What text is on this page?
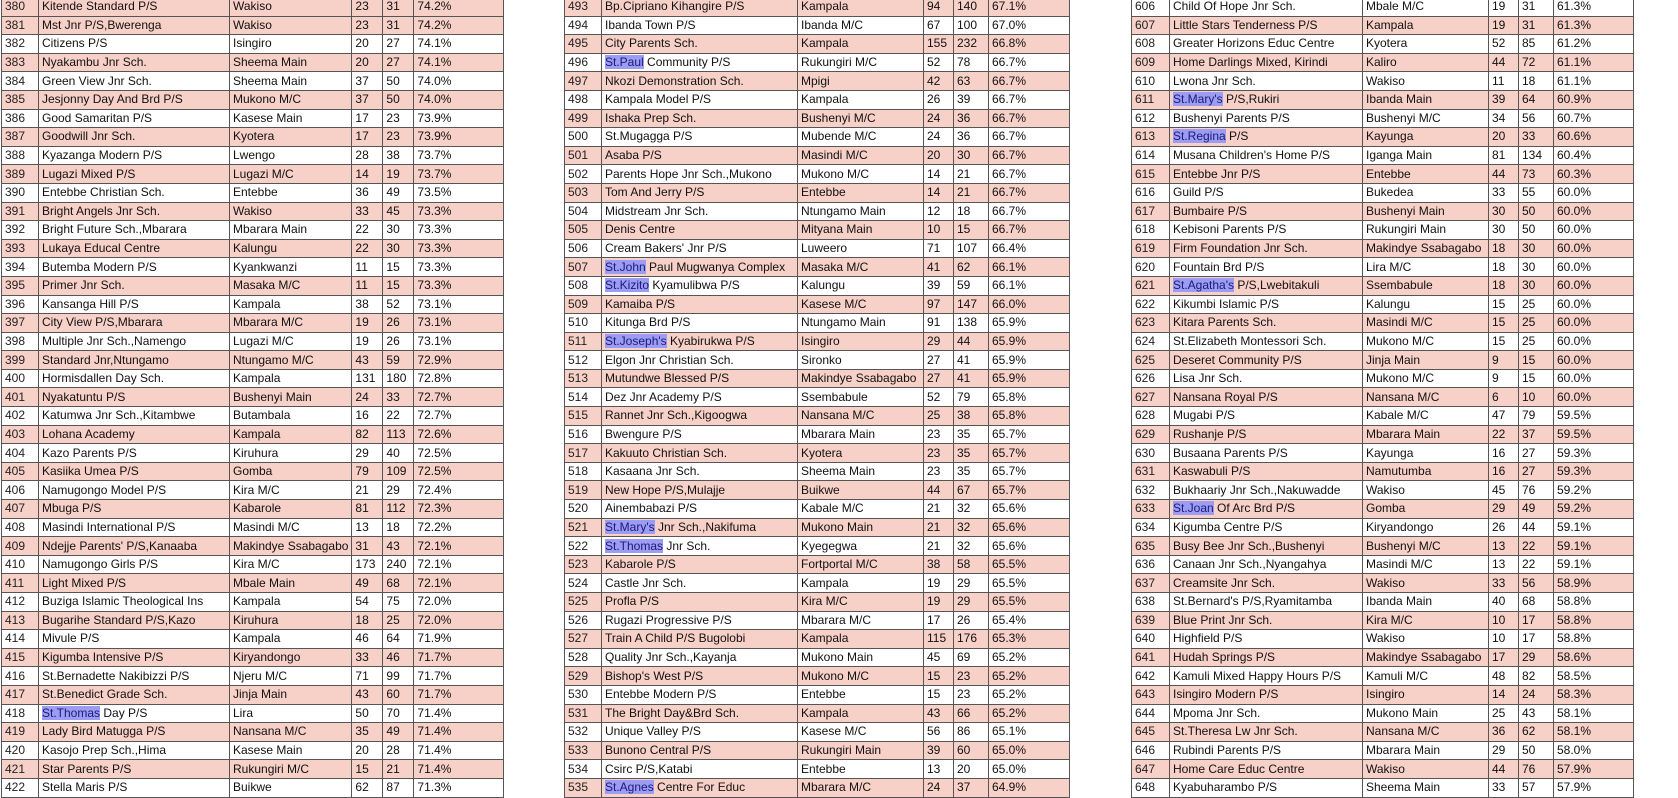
380	Kitende Standard P/S	Wakiso	23	31	74.2%
381	Mst Jnr P/S,Bwerenga	Wakiso	23	31	74.2%
382	Citizens P/S	Isingiro	20	27	74.1%
383	Nyakambu Jnr Sch.	Sheema Main	20	27	74.1%
384	Green View Jnr Sch.	Sheema Main	37	50	74.0%
385	Jesjonny Day And Brd P/S	Mukono M/C	37	50	74.0%
386	Good Samaritan P/S	Kasese Main	17	23	73.9%
387	Goodwill Jnr Sch.	Kyotera	17	23	73.9%
388	Kyazanga Modern P/S	Lwengo	28	38	73.7%
389	Lugazi Mixed P/S	Lugazi M/C	14	19	73.7%
390	Entebbe Christian Sch.	Entebbe	36	49	73.5%
391	Bright Angels Jnr Sch.	Wakiso	33	45	73.3%
392	Bright Future Sch.,Mbarara	Mbarara Main	22	30	73.3%
393	Lukaya Educal Centre	Kalungu	22	30	73.3%
394	Butemba Modern P/S	Kyankwanzi	11	15	73.3%
395	Primer Jnr Sch.	Masaka M/C	11	15	73.3%
396	Kansanga Hill P/S	Kampala	38	52	73.1%
397	City View P/S,Mbarara	Mbarara M/C	19	26	73.1%
398	Multiple Jnr Sch.,Namengo	Lugazi M/C	19	26	73.1%
399	Standard Jnr,Ntungamo	Ntungamo M/C	43	59	72.9%
400	Hormisdallen Day Sch.	Kampala	131	180	72.8%
401	Nyakatuntu P/S	Bushenyi Main	24	33	72.7%
402	Katumwa Jnr Sch.,Kitambwe	Butambala	16	22	72.7%
403	Lohana Academy	Kampala	82	113	72.6%
404	Kazo Parents P/S	Kiruhura	29	40	72.5%
405	Kasiika Umea P/S	Gomba	79	109	72.5%
406	Namugongo Model P/S	Kira M/C	21	29	72.4%
407	Mbuga P/S	Kabarole	81	112	72.3%
408	Masindi International P/S	Masindi M/C	13	18	72.2%
409	Ndejje Parents' P/S,Kanaaba	Makindye Ssabagabo	31	43	72.1%
410	Namugongo Girls P/S	Kira M/C	173	240	72.1%
411	Light Mixed P/S	Mbale Main	49	68	72.1%
412	Buziga Islamic Theological Ins	Kampala	54	75	72.0%
413	Bugarihe Standard P/S,Kazo	Kiruhura	18	25	72.0%
414	Mivule P/S	Kampala	46	64	71.9%
415	Kigumba Intensive P/S	Kiryandongo	33	46	71.7%
416	St.Bernadette Nakibizzi P/S	Njeru M/C	71	99	71.7%
417	St.Benedict Grade Sch.	Jinja Main	43	60	71.7%
418	St.Thomas Day P/S	Lira	50	70	71.4%
419	Lady Bird Matugga P/S	Nansana M/C	35	49	71.4%
420	Kasojo Prep Sch.,Hima	Kasese Main	20	28	71.4%
421	Star Parents P/S	Rukungiri M/C	15	21	71.4%
422	Stella Maris P/S	Buikwe	62	87	71.3%
493	Bp.Cipriano Kihangire P/S	Kampala	94	140	67.1%
494	Ibanda Town P/S	Ibanda M/C	67	100	67.0%
495	City Parents Sch.	Kampala	155	232	66.8%
496	St.Paul Community P/S	Rukungiri M/C	52	78	66.7%
497	Nkozi Demonstration Sch.	Mpigi	42	63	66.7%
498	Kampala Model P/S	Kampala	26	39	66.7%
499	Ishaka Prep Sch.	Bushenyi M/C	24	36	66.7%
500	St.Mugagga P/S	Mubende M/C	24	36	66.7%
501	Asaba P/S	Masindi M/C	20	30	66.7%
502	Parents Hope Jnr Sch.,Mukono	Mukono M/C	14	21	66.7%
503	Tom And Jerry P/S	Entebbe	14	21	66.7%
504	Midstream Jnr Sch.	Ntungamo Main	12	18	66.7%
505	Denis Centre	Mityana Main	10	15	66.7%
506	Cream Bakers' Jnr P/S	Luweero	71	107	66.4%
507	St.John Paul Mugwanya Complex	Masaka M/C	41	62	66.1%
508	St.Kizito Kyamulibwa P/S	Kalungu	39	59	66.1%
509	Kamaiba P/S	Kasese M/C	97	147	66.0%
510	Kitunga Brd P/S	Ntungamo Main	91	138	65.9%
511	St.Joseph's Kyabirukwa P/S	Isingiro	29	44	65.9%
512	Elgon Jnr Christian Sch.	Sironko	27	41	65.9%
513	Mutundwe Blessed P/S	Makindye Ssabagabo	27	41	65.9%
514	Dez Jnr Academy P/S	Ssembabule	52	79	65.8%
515	Rannet Jnr Sch.,Kigoogwa	Nansana M/C	25	38	65.8%
516	Bwengure P/S	Mbarara Main	23	35	65.7%
517	Kakuuto Christian Sch.	Kyotera	23	35	65.7%
518	Kasaana Jnr Sch.	Sheema Main	23	35	65.7%
519	New Hope P/S,Mulajje	Buikwe	44	67	65.7%
520	Ainembabazi P/S	Kabale M/C	21	32	65.6%
521	St.Mary's Jnr Sch.,Nakifuma	Mukono Main	21	32	65.6%
522	St.Thomas Jnr Sch.	Kyegegwa	21	32	65.6%
523	Kabarole P/S	Fortportal M/C	38	58	65.5%
524	Castle Jnr Sch.	Kampala	19	29	65.5%
525	Profla P/S	Kira M/C	19	29	65.5%
526	Rugazi Progressive P/S	Mbarara M/C	17	26	65.4%
527	Train A Child P/S Bugolobi	Kampala	115	176	65.3%
528	Quality Jnr Sch.,Kayanja	Mukono Main	45	69	65.2%
529	Bishop's West P/S	Mukono M/C	15	23	65.2%
530	Entebbe Modern P/S	Entebbe	15	23	65.2%
531	The Bright Day&Brd Sch.	Kampala	43	66	65.2%
532	Unique Valley P/S	Kasese M/C	56	86	65.1%
533	Bunono Central P/S	Rukungiri Main	39	60	65.0%
534	Csirc P/S,Katabi	Entebbe	13	20	65.0%
535	St.Agnes Centre For Educ	Mbarara M/C	24	37	64.9%
606	Child Of Hope Jnr Sch.	Mbale M/C	19	31	61.3%
607	Little Stars Tenderness P/S	Kampala	19	31	61.3%
608	Greater Horizons Educ Centre	Kyotera	52	85	61.2%
609	Home Darlings Mixed, Kirindi	Kaliro	44	72	61.1%
610	Lwona Jnr Sch.	Wakiso	11	18	61.1%
611	St.Mary's P/S,Rukiri	Ibanda Main	39	64	60.9%
612	Bushenyi Parents P/S	Bushenyi M/C	34	56	60.7%
613	St.Regina P/S	Kayunga	20	33	60.6%
614	Musana Children's Home P/S	Iganga Main	81	134	60.4%
615	Entebbe Jnr P/S	Entebbe	44	73	60.3%
616	Guild P/S	Bukedea	33	55	60.0%
617	Bumbaire P/S	Bushenyi Main	30	50	60.0%
618	Kebisoni Parents P/S	Rukungiri Main	30	50	60.0%
619	Firm Foundation Jnr Sch.	Makindye Ssabagabo	18	30	60.0%
620	Fountain Brd P/S	Lira M/C	18	30	60.0%
621	St.Agatha's P/S,Lwebitakuli	Ssembabule	18	30	60.0%
622	Kikumbi Islamic P/S	Kalungu	15	25	60.0%
623	Kitara Parents Sch.	Masindi M/C	15	25	60.0%
624	St.Elizabeth Montessori Sch.	Mukono M/C	15	25	60.0%
625	Deseret Community P/S	Jinja Main	9	15	60.0%
626	Lisa Jnr Sch.	Mukono M/C	9	15	60.0%
627	Nansana Royal P/S	Nansana M/C	6	10	60.0%
628	Mugabi P/S	Kabale M/C	47	79	59.5%
629	Rushanje P/S	Mbarara Main	22	37	59.5%
630	Busaana Parents P/S	Kayunga	16	27	59.3%
631	Kaswabuli P/S	Namutumba	16	27	59.3%
632	Bukhaariy Jnr Sch.,Nakuwadde	Wakiso	45	76	59.2%
633	St.Joan Of Arc Brd P/S	Gomba	29	49	59.2%
634	Kigumba Centre P/S	Kiryandongo	26	44	59.1%
635	Busy Bee Jnr Sch.,Bushenyi	Bushenyi M/C	13	22	59.1%
636	Canaan Jnr Sch.,Nyangahya	Masindi M/C	13	22	59.1%
637	Creamsite Jnr Sch.	Wakiso	33	56	58.9%
638	St.Bernard's P/S,Ryamitamba	Ibanda Main	40	68	58.8%
639	Blue Print Jnr Sch.	Kira M/C	10	17	58.8%
640	Highfield P/S	Wakiso	10	17	58.8%
641	Hudah Springs P/S	Makindye Ssabagabo	17	29	58.6%
642	Kamuli Mixed Happy Hours P/S	Kamuli M/C	48	82	58.5%
643	Isingiro Modern P/S	Isingiro	14	24	58.3%
644	Mpoma Jnr Sch.	Mukono Main	25	43	58.1%
645	St.Theresa Lw Jnr Sch.	Nansana M/C	36	62	58.1%
646	Rubindi Parents P/S	Mbarara Main	29	50	58.0%
647	Home Care Educ Centre	Wakiso	44	76	57.9%
648	Kyabuharambo P/S	Sheema Main	33	57	57.9%
